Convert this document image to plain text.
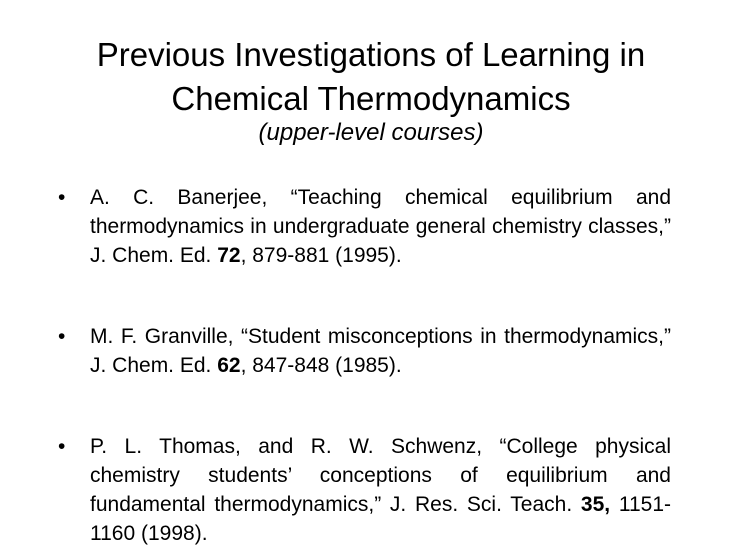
Previous Investigations of Learning in Chemical Thermodynamics

(upper-level courses)

•	A. C. Banerjee, “Teaching chemical equilibrium and thermodynamics in undergraduate general chemistry classes,” J. Chem. Ed. 72, 879-881 (1995).
•	M. F. Granville, “Student misconceptions in thermodynamics,” J. Chem. Ed. 62, 847-848 (1985).
•	P. L. Thomas, and R. W. Schwenz, “College physical chemistry students’ conceptions of equilibrium and fundamental thermodynamics,” J. Res. Sci. Teach. 35, 1151-1160 (1998).
